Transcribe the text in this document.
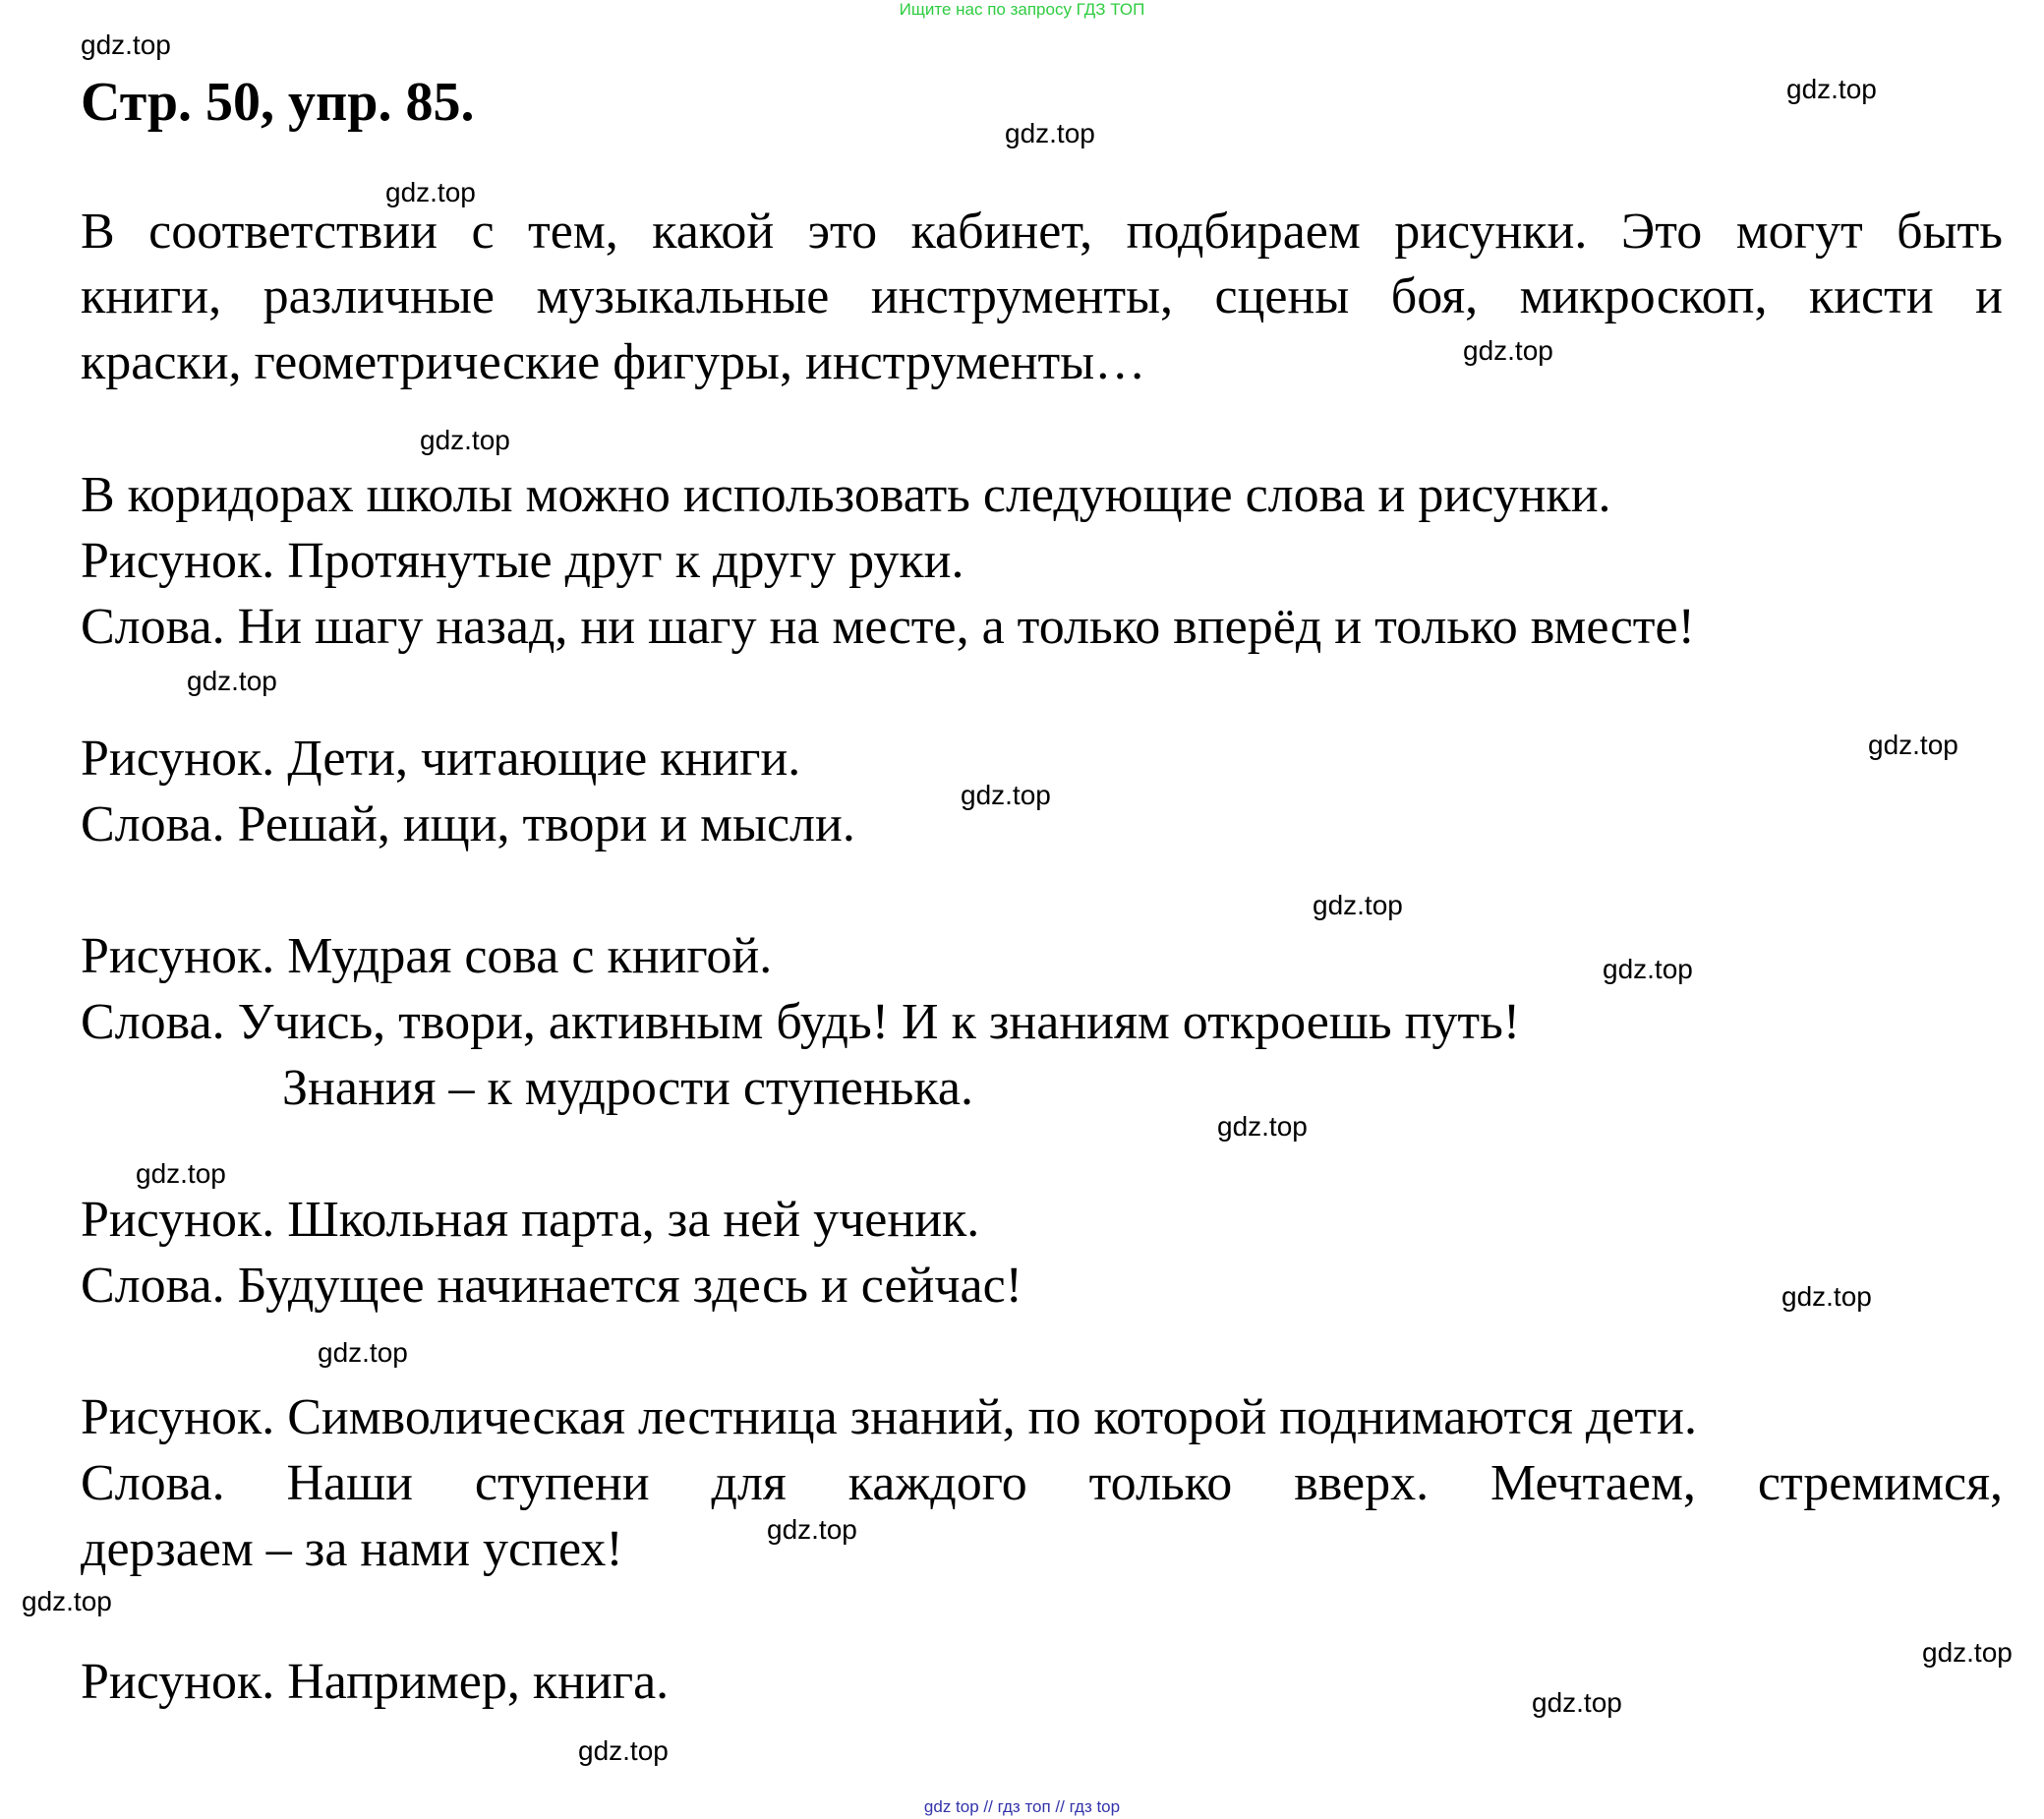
Ищите нас по запросу ГДЗ ТОП
Стр. 50, упр. 85.
В соответствии с тем, какой это кабинет, подбираем рисунки. Это могут быть
книги, различные музыкальные инструменты, сцены боя, микроскоп, кисти и
краски, геометрические фигуры, инструменты…
В коридорах школы можно использовать следующие слова и рисунки.
Рисунок. Протянутые друг к другу руки.
Слова. Ни шагу назад, ни шагу на месте, а только вперёд и только вместе!
Рисунок. Дети, читающие книги.
Слова. Решай, ищи, твори и мысли.
Рисунок. Мудрая сова с книгой.
Слова. Учись, твори, активным будь! И к знаниям откроешь путь!
Знания – к мудрости ступенька.
Рисунок. Школьная парта, за ней ученик.
Слова. Будущее начинается здесь и сейчас!
Рисунок. Символическая лестница знаний, по которой поднимаются дети.
Слова. Наши ступени для каждого только вверх. Мечтаем, стремимся,
дерзаем – за нами успех!
Рисунок. Например, книга.
gdz.top
gdz.top
gdz.top
gdz.top
gdz.top
gdz.top
gdz.top
gdz.top
gdz.top
gdz.top
gdz.top
gdz.top
gdz.top
gdz.top
gdz.top
gdz.top
gdz.top
gdz.top
gdz.top
gdz.top
gdz top // гдз топ // гдз top
